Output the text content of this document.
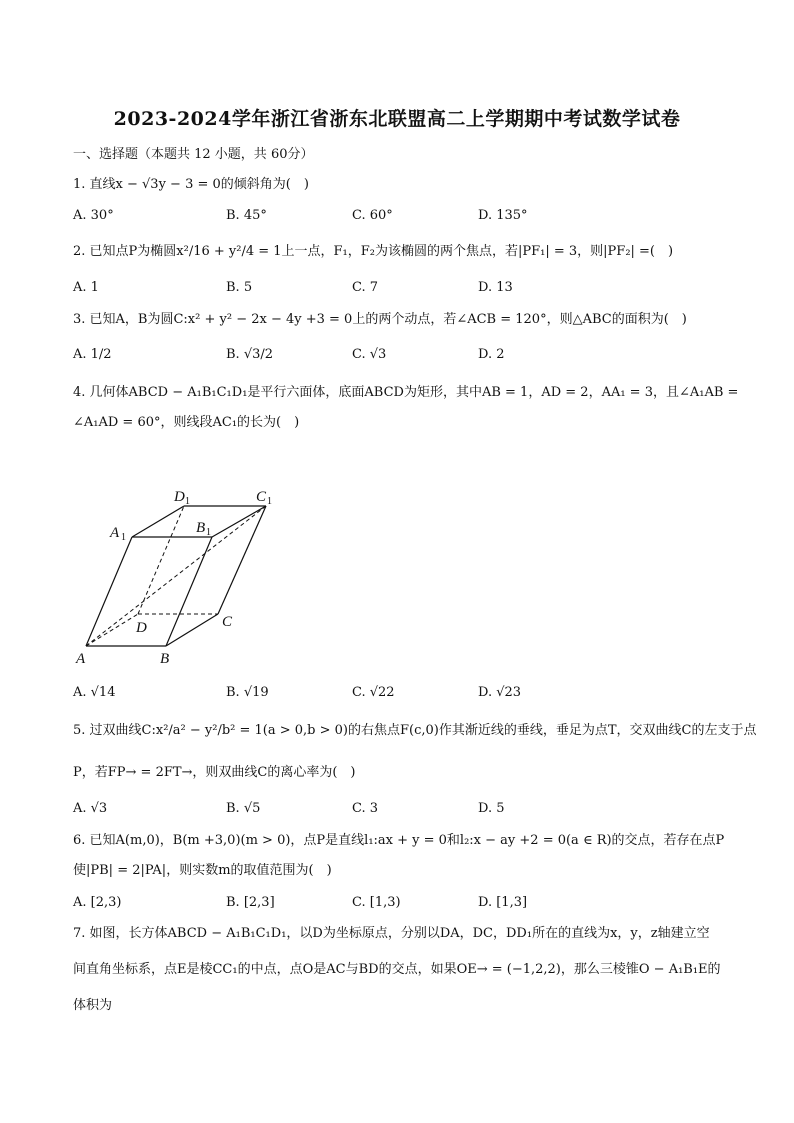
2023-2024学年浙江省浙东北联盟高二上学期期中考试数学试卷
一、选择题（本题共 12 小题，共 60分）
1. 直线x − √3y − 3 = 0的倾斜角为(　)
A. 30°	B. 45°	C. 60°	D. 135°
2. 已知点P为椭圆x²/16 + y²/4 = 1上一点，F₁，F₂为该椭圆的两个焦点，若|PF₁| = 3，则|PF₂| =(　)
A. 1	B. 5	C. 7	D. 13
3. 已知A，B为圆C:x² + y² − 2x − 4y +3 = 0上的两个动点，若∠ACB = 120°，则△ABC的面积为(　)
A. 1/2	B. √3/2	C. √3	D. 2
4. 几何体ABCD − A₁B₁C₁D₁是平行六面体，底面ABCD为矩形，其中AB = 1，AD = 2，AA₁ = 3，且∠A₁AB =
∠A₁AD = 60°，则线段AC₁的长为(　)
A	B
C
D
A	B
C
D
1	1
1
1
A. √14	B. √19	C. √22	D. √23
5. 过双曲线C:x²/a² − y²/b² = 1(a > 0,b > 0)的右焦点F(c,0)作其渐近线的垂线，垂足为点T，交双曲线C的左支于点
P，若FP→ = 2FT→，则双曲线C的离心率为(　)
A. √3	B. √5	C. 3	D. 5
6. 已知A(m,0)，B(m +3,0)(m > 0)，点P是直线l₁:ax + y = 0和l₂:x − ay +2 = 0(a ∈ R)的交点，若存在点P
使|PB| = 2|PA|，则实数m的取值范围为(　)
A. [2,3)	B. [2,3]	C. [1,3)	D. [1,3]
7. 如图，长方体ABCD − A₁B₁C₁D₁，以D为坐标原点，分别以DA，DC，DD₁所在的直线为x，y，z轴建立空
间直角坐标系，点E是棱CC₁的中点，点O是AC与BD的交点，如果OE→ = (−1,2,2)，那么三棱锥O − A₁B₁E的
体积为
